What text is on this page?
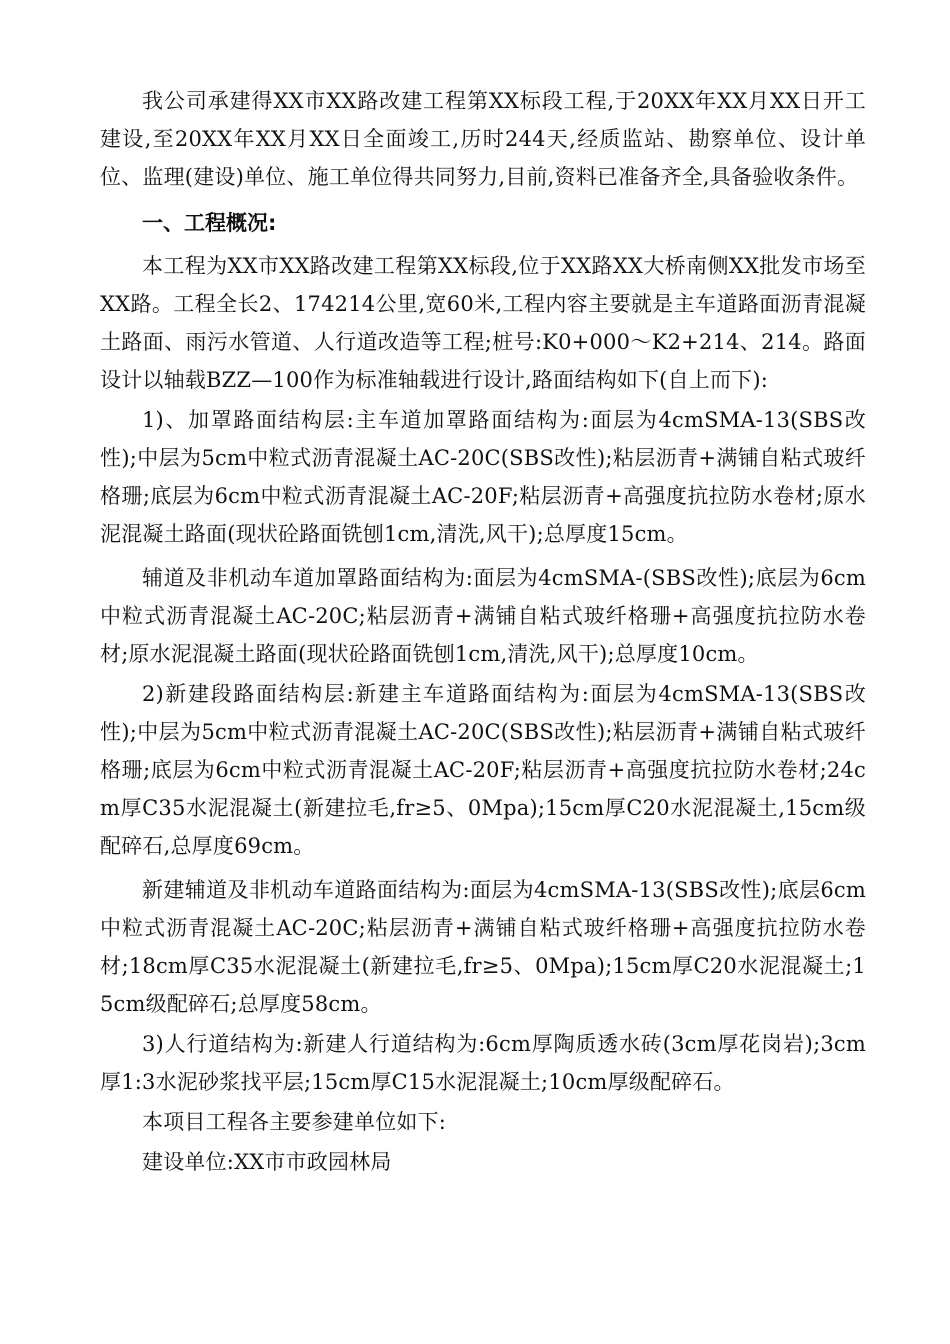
我公司承建得XX市XX路改建工程第XX标段工程,于20XX年XX月XX日开工建设,至20XX年XX月XX日全面竣工,历时244天,经质监站、勘察单位、设计单位、监理(建设)单位、施工单位得共同努力,目前,资料已准备齐全,具备验收条件。

一、工程概况:

本工程为XX市XX路改建工程第XX标段,位于XX路XX大桥南侧XX批发市场至XX路。工程全长2、174214公里,宽60米,工程内容主要就是主车道路面沥青混凝土路面、雨污水管道、人行道改造等工程;桩号:K0+000～K2+214、214。路面设计以轴载BZZ—100作为标准轴载进行设计,路面结构如下(自上而下):

1)、加罩路面结构层:主车道加罩路面结构为:面层为4cmSMA-13(SBS改性);中层为5cm中粒式沥青混凝土AC-20C(SBS改性);粘层沥青+满铺自粘式玻纤格珊;底层为6cm中粒式沥青混凝土AC-20F;粘层沥青+高强度抗拉防水卷材;原水泥混凝土路面(现状砼路面铣刨1cm,清洗,风干);总厚度15cm。

辅道及非机动车道加罩路面结构为:面层为4cmSMA-(SBS改性);底层为6cm中粒式沥青混凝土AC-20C;粘层沥青+满铺自粘式玻纤格珊+高强度抗拉防水卷材;原水泥混凝土路面(现状砼路面铣刨1cm,清洗,风干);总厚度10cm。

2)新建段路面结构层:新建主车道路面结构为:面层为4cmSMA-13(SBS改性);中层为5cm中粒式沥青混凝土AC-20C(SBS改性);粘层沥青+满铺自粘式玻纤格珊;底层为6cm中粒式沥青混凝土AC-20F;粘层沥青+高强度抗拉防水卷材;24cm厚C35水泥混凝土(新建拉毛,fr≥5、0Mpa);15cm厚C20水泥混凝土,15cm级配碎石,总厚度69cm。

新建辅道及非机动车道路面结构为:面层为4cmSMA-13(SBS改性);底层6cm中粒式沥青混凝土AC-20C;粘层沥青+满铺自粘式玻纤格珊+高强度抗拉防水卷材;18cm厚C35水泥混凝土(新建拉毛,fr≥5、0Mpa);15cm厚C20水泥混凝土;15cm级配碎石;总厚度58cm。

3)人行道结构为:新建人行道结构为:6cm厚陶质透水砖(3cm厚花岗岩);3cm厚1:3水泥砂浆找平层;15cm厚C15水泥混凝土;10cm厚级配碎石。

本项目工程各主要参建单位如下:

建设单位:XX市市政园林局
